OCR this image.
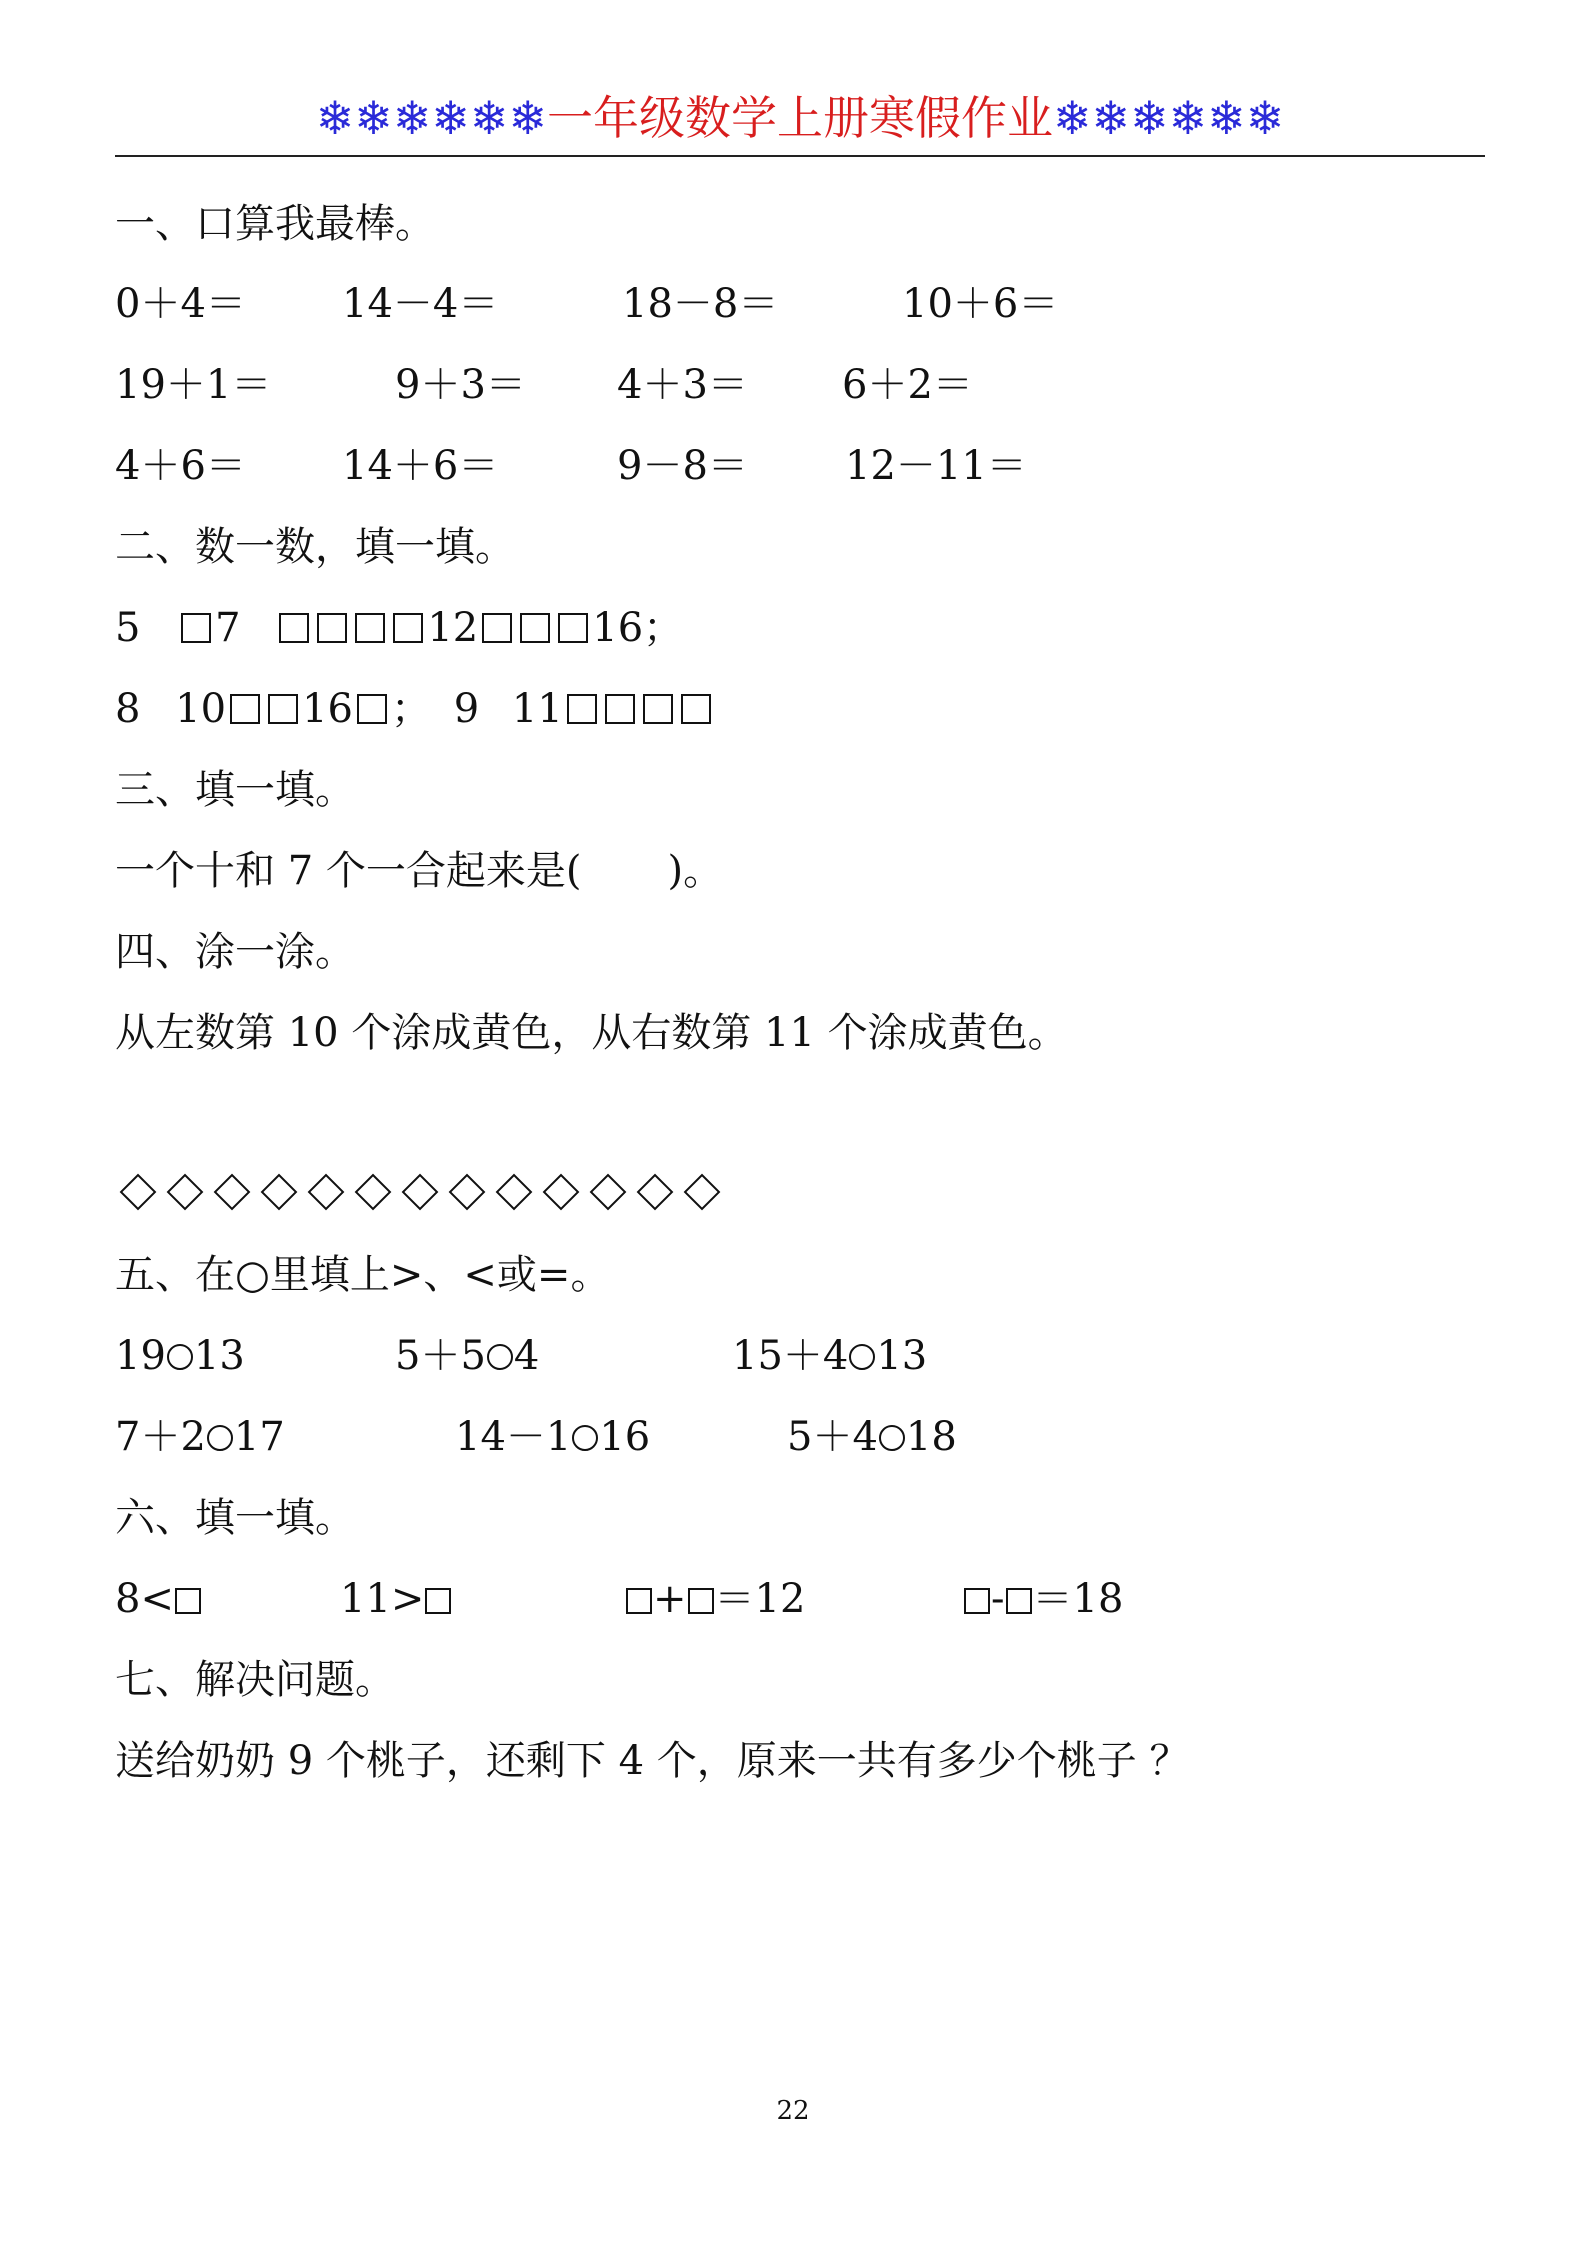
❄❄❄❄❄❄一年级数学上册寒假作业❄❄❄❄❄❄
一、口算我最棒。
0＋4＝ 14－4＝	18－8＝	10＋6＝
19＋1＝	9＋3＝ 4＋3＝ 6＋2＝
4＋6＝ 14＋6＝	9－8＝ 12－11＝
二、数一数，填一填。
5 7	12	16；
8 10 16 ； 9 11
三、填一填。
一个十和 7 个一合起来是( )。
四、涂一涂。
从左数第 10 个涂成黄色，从右数第 11 个涂成黄色。
五、在○里填上>、<或=。
19 13	5＋5 4	15＋4 13
7＋2 17	14－1 16	5＋4 18
六、填一填。
8<	11>	+ ＝12	- ＝18
七、解决问题。
送给奶奶 9 个桃子，还剩下 4 个，原来一共有多少个桃子 ？
22
